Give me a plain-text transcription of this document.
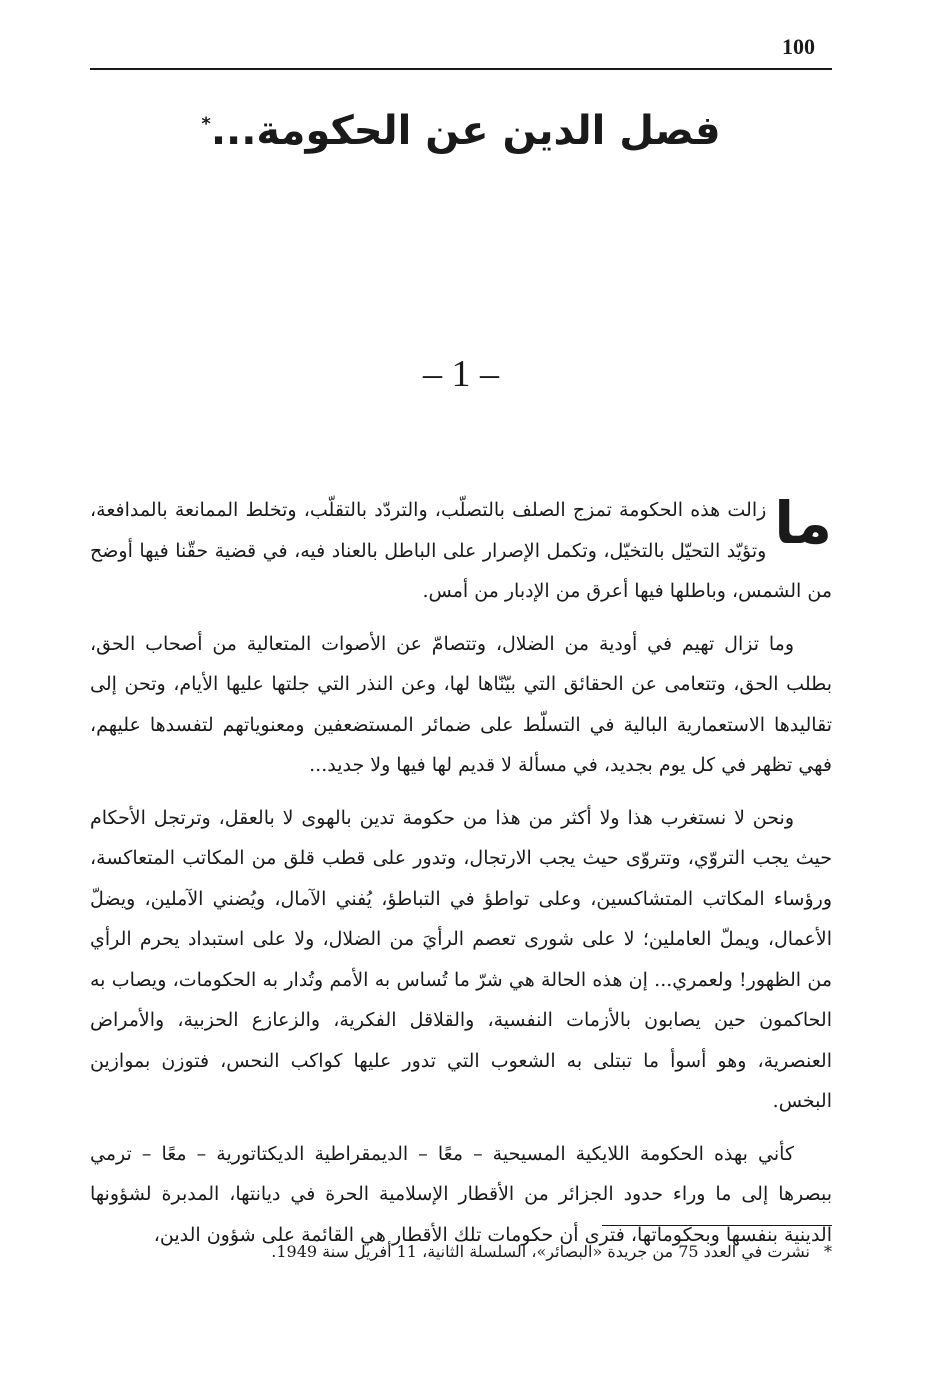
100
فصل الدين عن الحكومة...*
– 1 –

ما
زالت هذه الحكومة تمزج الصلف بالتصلّب، والتردّد بالتقلّب، وتخلط الممانعة بالمدافعة، وتؤيّد التحيّل بالتخيّل، وتكمل الإصرار على الباطل بالعناد فيه، في قضية حقّنا فيها أوضح من الشمس، وباطلها فيها أعرق من الإدبار من أمس.

وما تزال تهيم في أودية من الضلال، وتتصامّ عن الأصوات المتعالية من أصحاب الحق، بطلب الحق، وتتعامى عن الحقائق التي بيّنّاها لها، وعن النذر التي جلتها عليها الأيام، وتحن إلى تقاليدها الاستعمارية البالية في التسلّط على ضمائر المستضعفين ومعنوياتهم لتفسدها عليهم، فهي تظهر في كل يوم بجديد، في مسألة لا قديم لها فيها ولا جديد...

ونحن لا نستغرب هذا ولا أكثر من هذا من حكومة تدين بالهوى لا بالعقل، وترتجل الأحكام حيث يجب التروّي، وتتروّى حيث يجب الارتجال، وتدور على قطب قلق من المكاتب المتعاكسة، ورؤساء المكاتب المتشاكسين، وعلى تواطؤ في التباطؤ، يُفني الآمال، ويُضني الآملين، ويضلّ الأعمال، ويملّ العاملين؛ لا على شورى تعصم الرأيَ من الضلال، ولا على استبداد يحرم الرأي من الظهور! ولعمري... إن هذه الحالة هي شرّ ما تُساس به الأمم وتُدار به الحكومات، ويصاب به الحاكمون حين يصابون بالأزمات النفسية، والقلاقل الفكرية، والزعازع الحزبية، والأمراض العنصرية، وهو أسوأ ما تبتلى به الشعوب التي تدور عليها كواكب النحس، فتوزن بموازين البخس.

كأني بهذه الحكومة اللايكية المسيحية – معًا – الديمقراطية الديكتاتورية – معًا – ترمي ببصرها إلى ما وراء حدود الجزائر من الأقطار الإسلامية الحرة في ديانتها، المدبرة لشؤونها الدينية بنفسها وبحكوماتها، فترى أن حكومات تلك الأقطار هي القائمة على شؤون الدين،

*نشرت في العدد 75 من جريدة «البصائر»، السلسلة الثانية، 11 أفريل سنة 1949.
